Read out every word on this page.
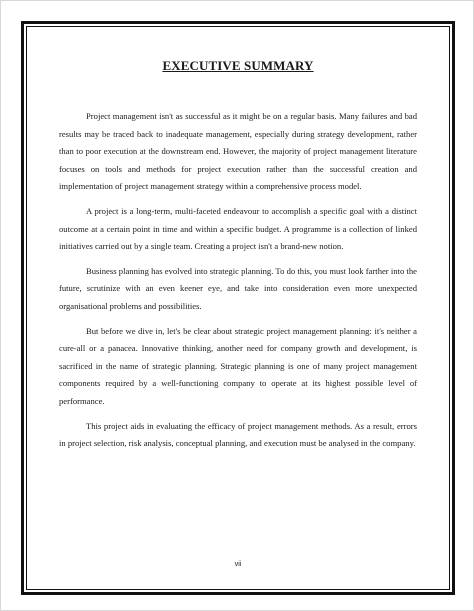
EXECUTIVE SUMMARY

Project management isn't as successful as it might be on a regular basis. Many failures and bad results may be traced back to inadequate management, especially during strategy development, rather than to poor execution at the downstream end. However, the majority of project management literature focuses on tools and methods for project execution rather than the successful creation and implementation of project management strategy within a comprehensive process model.

A project is a long-term, multi-faceted endeavour to accomplish a specific goal with a distinct outcome at a certain point in time and within a specific budget. A programme is a collection of linked initiatives carried out by a single team. Creating a project isn't a brand-new notion.

Business planning has evolved into strategic planning. To do this, you must look farther into the future, scrutinize with an even keener eye, and take into consideration even more unexpected organisational problems and possibilities.

But before we dive in, let's be clear about strategic project management planning: it's neither a cure-all or a panacea. Innovative thinking, another need for company growth and development, is sacrificed in the name of strategic planning. Strategic planning is one of many project management components required by a well-functioning company to operate at its highest possible level of performance.

This project aids in evaluating the efficacy of project management methods. As a result, errors in project selection, risk analysis, conceptual planning, and execution must be analysed in the company.

vii
